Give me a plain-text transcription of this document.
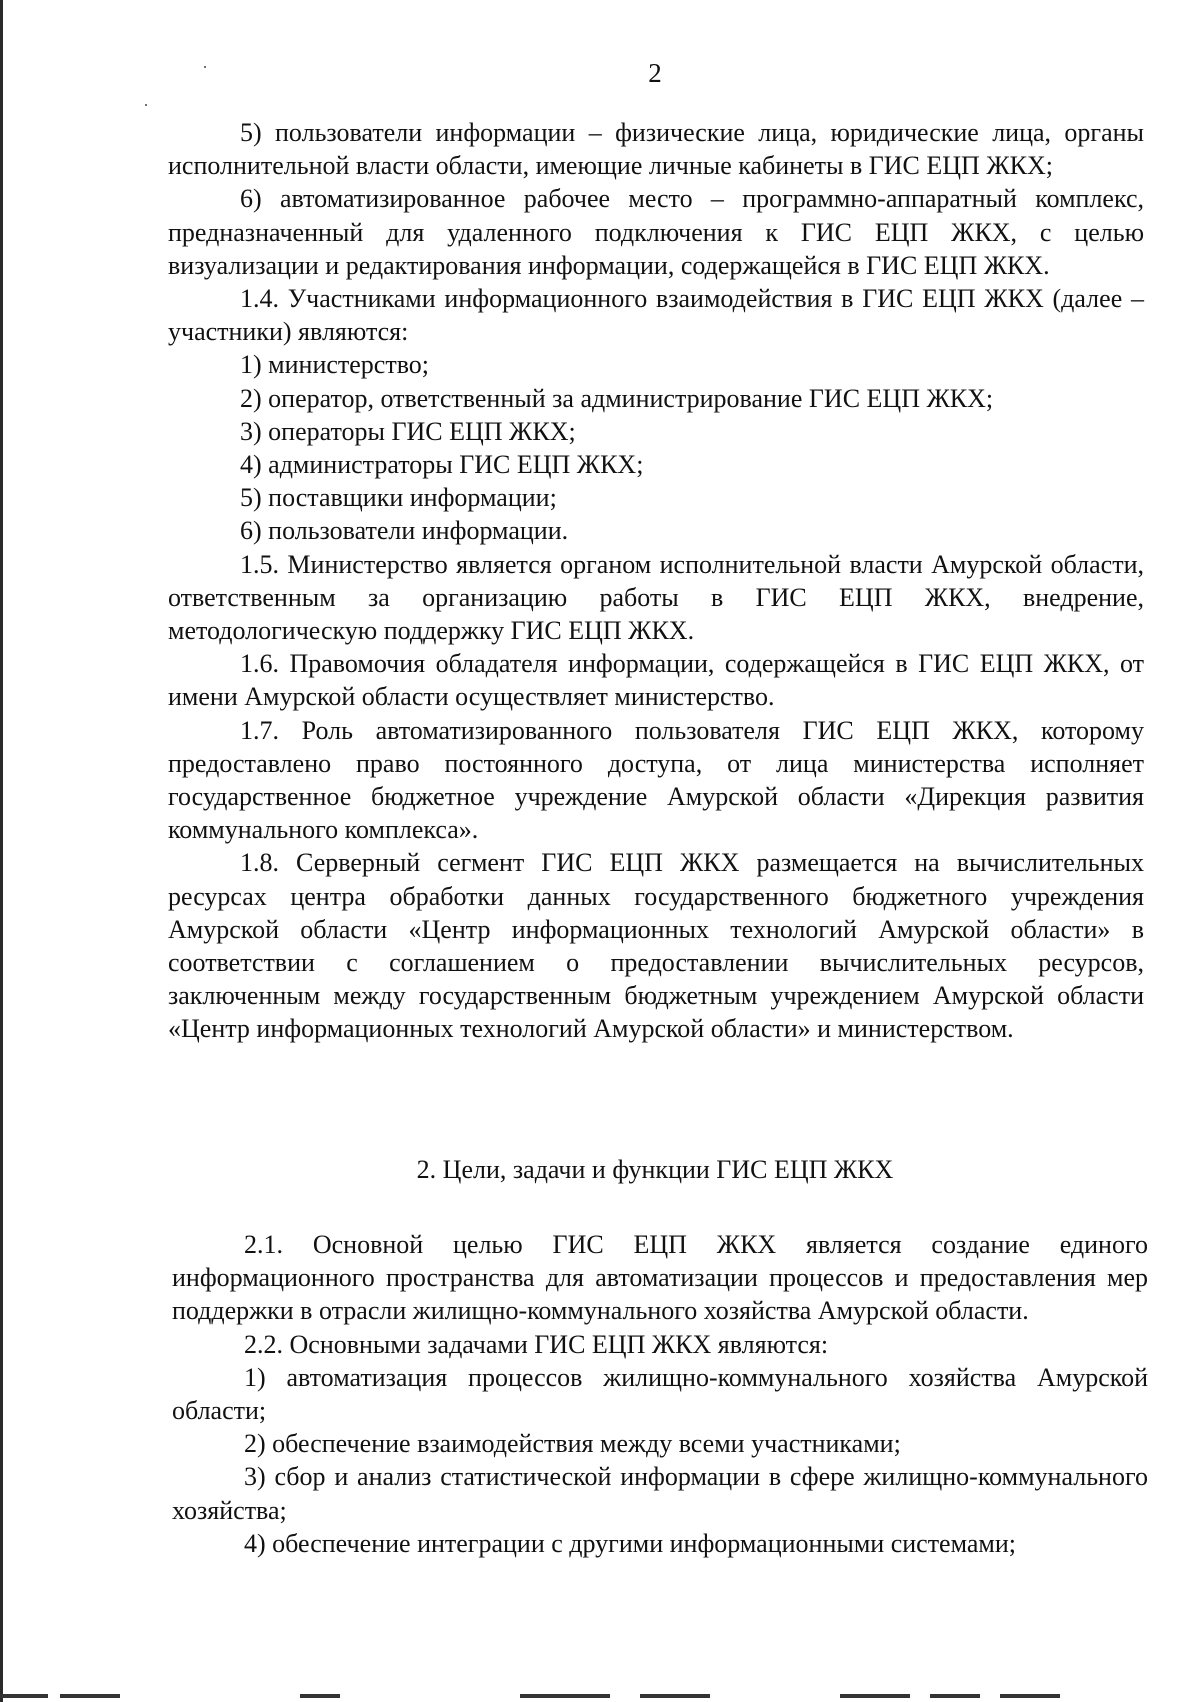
2

5) пользователи информации – физические лица, юридические лица, органы исполнительной власти области, имеющие личные кабинеты в ГИС ЕЦП ЖКХ;

6) автоматизированное рабочее место – программно-аппаратный комплекс, предназначенный для удаленного подключения к ГИС ЕЦП ЖКХ, с целью визуализации и редактирования информации, содержащейся в ГИС ЕЦП ЖКХ.

1.4. Участниками информационного взаимодействия в ГИС ЕЦП ЖКХ (далее – участники) являются:

1) министерство;

2) оператор, ответственный за администрирование ГИС ЕЦП ЖКХ;

3) операторы ГИС ЕЦП ЖКХ;

4) администраторы ГИС ЕЦП ЖКХ;

5) поставщики информации;

6) пользователи информации.

1.5. Министерство является органом исполнительной власти Амурской области, ответственным за организацию работы в ГИС ЕЦП ЖКХ, внедрение, методологическую поддержку ГИС ЕЦП ЖКХ.

1.6. Правомочия обладателя информации, содержащейся в ГИС ЕЦП ЖКХ, от имени Амурской области осуществляет министерство.

1.7. Роль автоматизированного пользователя ГИС ЕЦП ЖКХ, которому предоставлено право постоянного доступа, от лица министерства исполняет государственное бюджетное учреждение Амурской области «Дирекция развития коммунального комплекса».

1.8. Серверный сегмент ГИС ЕЦП ЖКХ размещается на вычислительных ресурсах центра обработки данных государственного бюджетного учреждения Амурской области «Центр информационных технологий Амурской области» в соответствии с соглашением о предоставлении вычислительных ресурсов, заключенным между государственным бюджетным учреждением Амурской области «Центр информационных технологий Амурской области» и министерством.

2. Цели, задачи и функции ГИС ЕЦП ЖКХ

2.1. Основной целью ГИС ЕЦП ЖКХ является создание единого информационного пространства для автоматизации процессов и предоставления мер поддержки в отрасли жилищно-коммунального хозяйства Амурской области.

2.2. Основными задачами ГИС ЕЦП ЖКХ являются:

1) автоматизация процессов жилищно-коммунального хозяйства Амурской области;

2) обеспечение взаимодействия между всеми участниками;

3) сбор и анализ статистической информации в сфере жилищно-коммунального хозяйства;

4) обеспечение интеграции с другими информационными системами;
